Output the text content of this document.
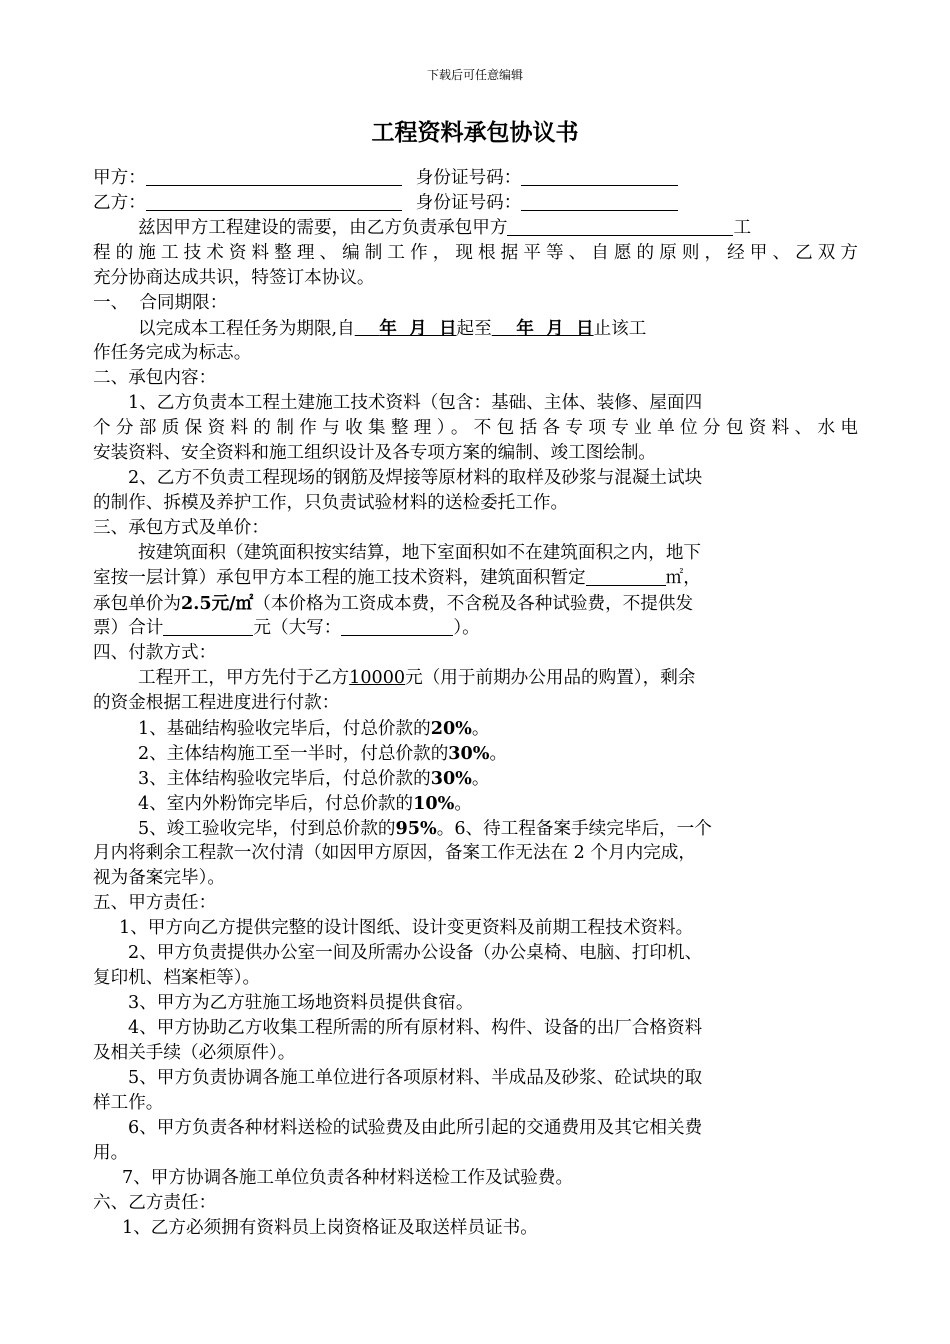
下载后可任意编辑
工程资料承包协议书
甲方：	身份证号码：
乙方：	身份证号码：
兹因甲方工程建设的需要，由乙方负责承包甲方	工
程的施工技术资料整理、编制工作，现根据平等、自愿的原则，经甲、乙双方
充分协商达成共识，特签订本协议。
一、  合同期限：
以完成本工程任务为期限,自 年  月  日起至 年  月  日止该工
作任务完成为标志。
二、承包内容：
1、乙方负责本工程土建施工技术资料（包含：基础、主体、装修、屋面四
个分部质保资料的制作与收集整理）。不包括各专项专业单位分包资料、水电
安装资料、安全资料和施工组织设计及各专项方案的编制、竣工图绘制。
2、乙方不负责工程现场的钢筋及焊接等原材料的取样及砂浆与混凝土试块
的制作、拆模及养护工作，只负责试验材料的送检委托工作。
三、承包方式及单价：
按建筑面积（建筑面积按实结算，地下室面积如不在建筑面积之内，地下
室按一层计算）承包甲方本工程的施工技术资料，建筑面积暂定	㎡，
承包单价为2.5元/㎡（本价格为工资成本费，不含税及各种试验费，不提供发
票）合计	元（大写：	）。
四、付款方式：
工程开工，甲方先付于乙方10000元（用于前期办公用品的购置），剩余
的资金根据工程进度进行付款：
1、基础结构验收完毕后，付总价款的20%。
2、主体结构施工至一半时，付总价款的30%。
3、主体结构验收完毕后，付总价款的30%。
4、室内外粉饰完毕后，付总价款的10%。
5、竣工验收完毕，付到总价款的95%。6、待工程备案手续完毕后，一个
月内将剩余工程款一次付清（如因甲方原因，备案工作无法在 2 个月内完成，
视为备案完毕）。
五、甲方责任：
1、甲方向乙方提供完整的设计图纸、设计变更资料及前期工程技术资料。
2、甲方负责提供办公室一间及所需办公设备（办公桌椅、电脑、打印机、
复印机、档案柜等）。
3、甲方为乙方驻施工场地资料员提供食宿。
4、甲方协助乙方收集工程所需的所有原材料、构件、设备的出厂合格资料
及相关手续（必须原件）。
5、甲方负责协调各施工单位进行各项原材料、半成品及砂浆、砼试块的取
样工作。
6、甲方负责各种材料送检的试验费及由此所引起的交通费用及其它相关费
用。
7、甲方协调各施工单位负责各种材料送检工作及试验费。
六、乙方责任：
1、乙方必须拥有资料员上岗资格证及取送样员证书。
